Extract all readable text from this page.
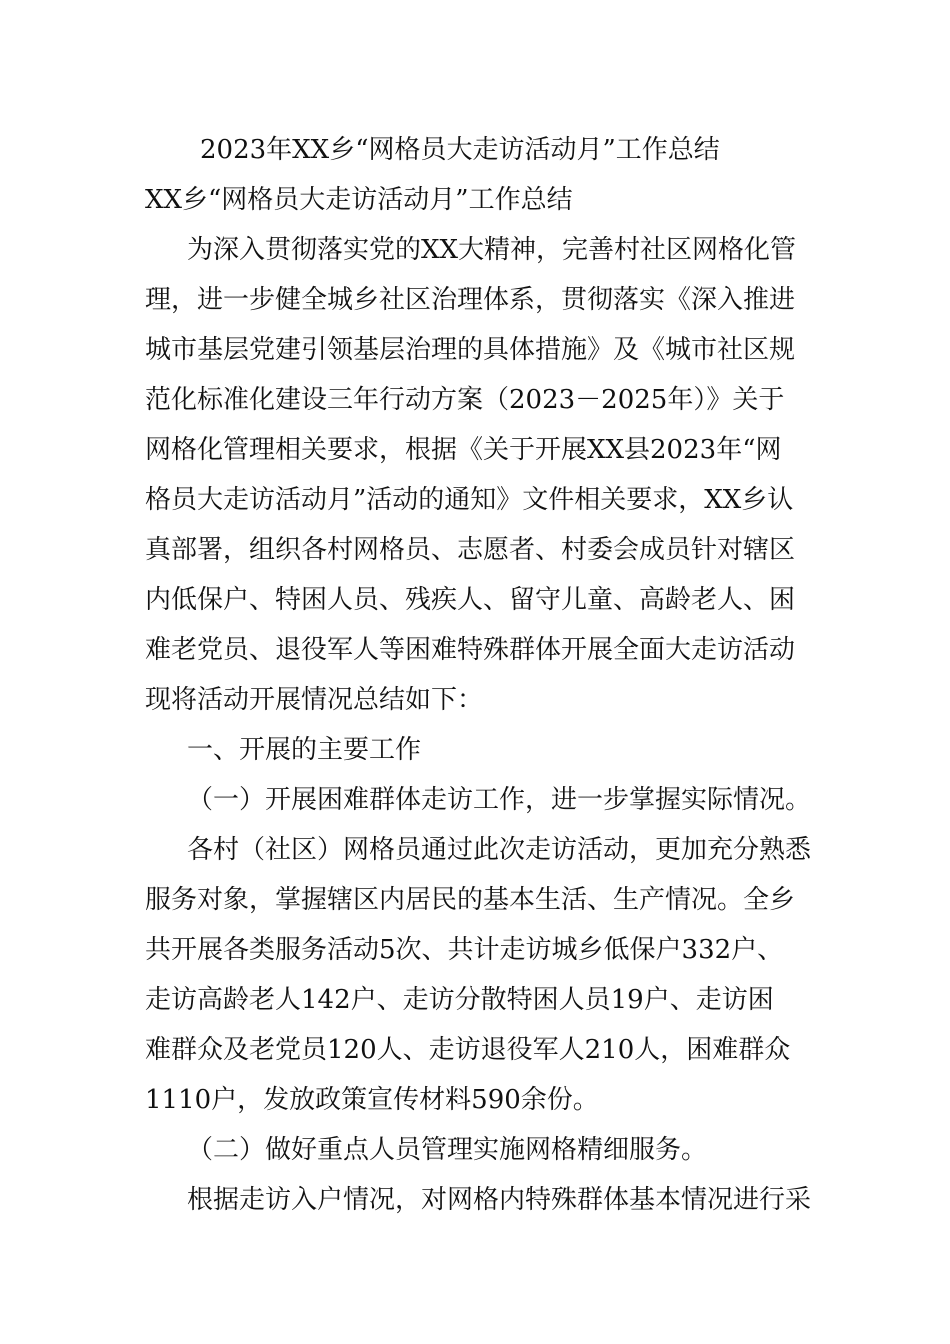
2023年XX乡“网格员大走访活动月”工作总结
XX乡“网格员大走访活动月”工作总结
为深入贯彻落实党的XX大精神，完善村社区网格化管
理，进一步健全城乡社区治理体系，贯彻落实《深入推进
城市基层党建引领基层治理的具体措施》及《城市社区规
范化标准化建设三年行动方案（2023－2025年）》关于
网格化管理相关要求，根据《关于开展XX县2023年“网
格员大走访活动月”活动的通知》文件相关要求，XX乡认
真部署，组织各村网格员、志愿者、村委会成员针对辖区
内低保户、特困人员、残疾人、留守儿童、高龄老人、困
难老党员、退役军人等困难特殊群体开展全面大走访活动
现将活动开展情况总结如下：
一、开展的主要工作
（一）开展困难群体走访工作，进一步掌握实际情况。
各村（社区）网格员通过此次走访活动，更加充分熟悉
服务对象，掌握辖区内居民的基本生活、生产情况。全乡
共开展各类服务活动5次、共计走访城乡低保户332户、
走访高龄老人142户、走访分散特困人员19户、走访困
难群众及老党员120人、走访退役军人210人，困难群众
1110户，发放政策宣传材料590余份。
（二）做好重点人员管理实施网格精细服务。
根据走访入户情况，对网格内特殊群体基本情况进行采
